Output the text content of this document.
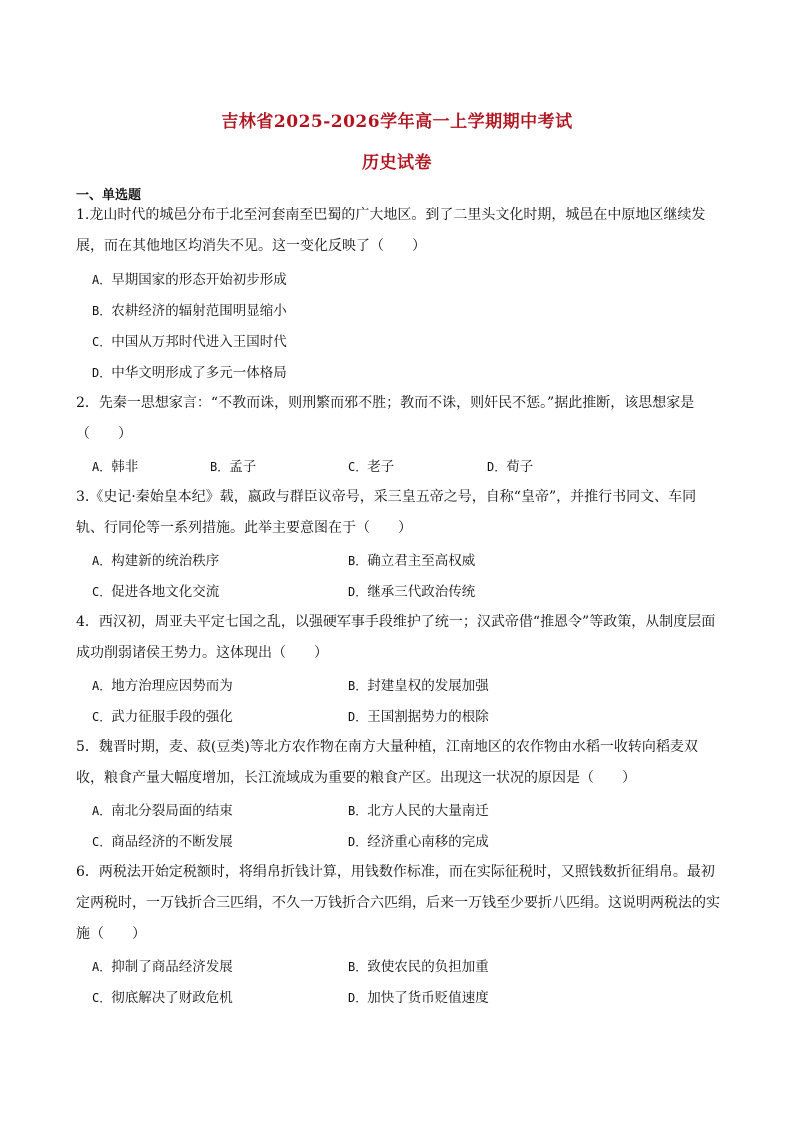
吉林省2025-2026学年高一上学期期中考试
历史试卷
一、单选题
1.龙山时代的城邑分布于北至河套南至巴蜀的广大地区。到了二里头文化时期，城邑在中原地区继续发展，而在其他地区均消失不见。这一变化反映了（　　）
A．早期国家的形态开始初步形成
B．农耕经济的辐射范围明显缩小
C．中国从万邦时代进入王国时代
D．中华文明形成了多元一体格局
2．先秦一思想家言：“不教而诛，则刑繁而邪不胜；教而不诛，则奸民不惩。”据此推断，该思想家是（　　）
A．韩非	B．孟子	C．老子	D．荀子
3.《史记·秦始皇本纪》载，嬴政与群臣议帝号，采三皇五帝之号，自称“皇帝”，并推行书同文、车同轨、行同伦等一系列措施。此举主要意图在于（　　）
A．构建新的统治秩序	B．确立君主至高权威
C．促进各地文化交流	D．继承三代政治传统
4．西汉初，周亚夫平定七国之乱，以强硬军事手段维护了统一；汉武帝借“推恩令”等政策，从制度层面成功削弱诸侯王势力。这体现出（　　）
A．地方治理应因势而为	B．封建皇权的发展加强
C．武力征服手段的强化	D．王国割据势力的根除
5．魏晋时期，麦、菽(豆类)等北方农作物在南方大量种植，江南地区的农作物由水稻一收转向稻麦双收，粮食产量大幅度增加，长江流域成为重要的粮食产区。出现这一状况的原因是（　　）
A．南北分裂局面的结束	B．北方人民的大量南迁
C．商品经济的不断发展	D．经济重心南移的完成
6．两税法开始定税额时，将绢帛折钱计算，用钱数作标准，而在实际征税时，又照钱数折征绢帛。最初定两税时，一万钱折合三匹绢，不久一万钱折合六匹绢，后来一万钱至少要折八匹绢。这说明两税法的实施（　　）
A．抑制了商品经济发展	B．致使农民的负担加重
C．彻底解决了财政危机	D．加快了货币贬值速度
